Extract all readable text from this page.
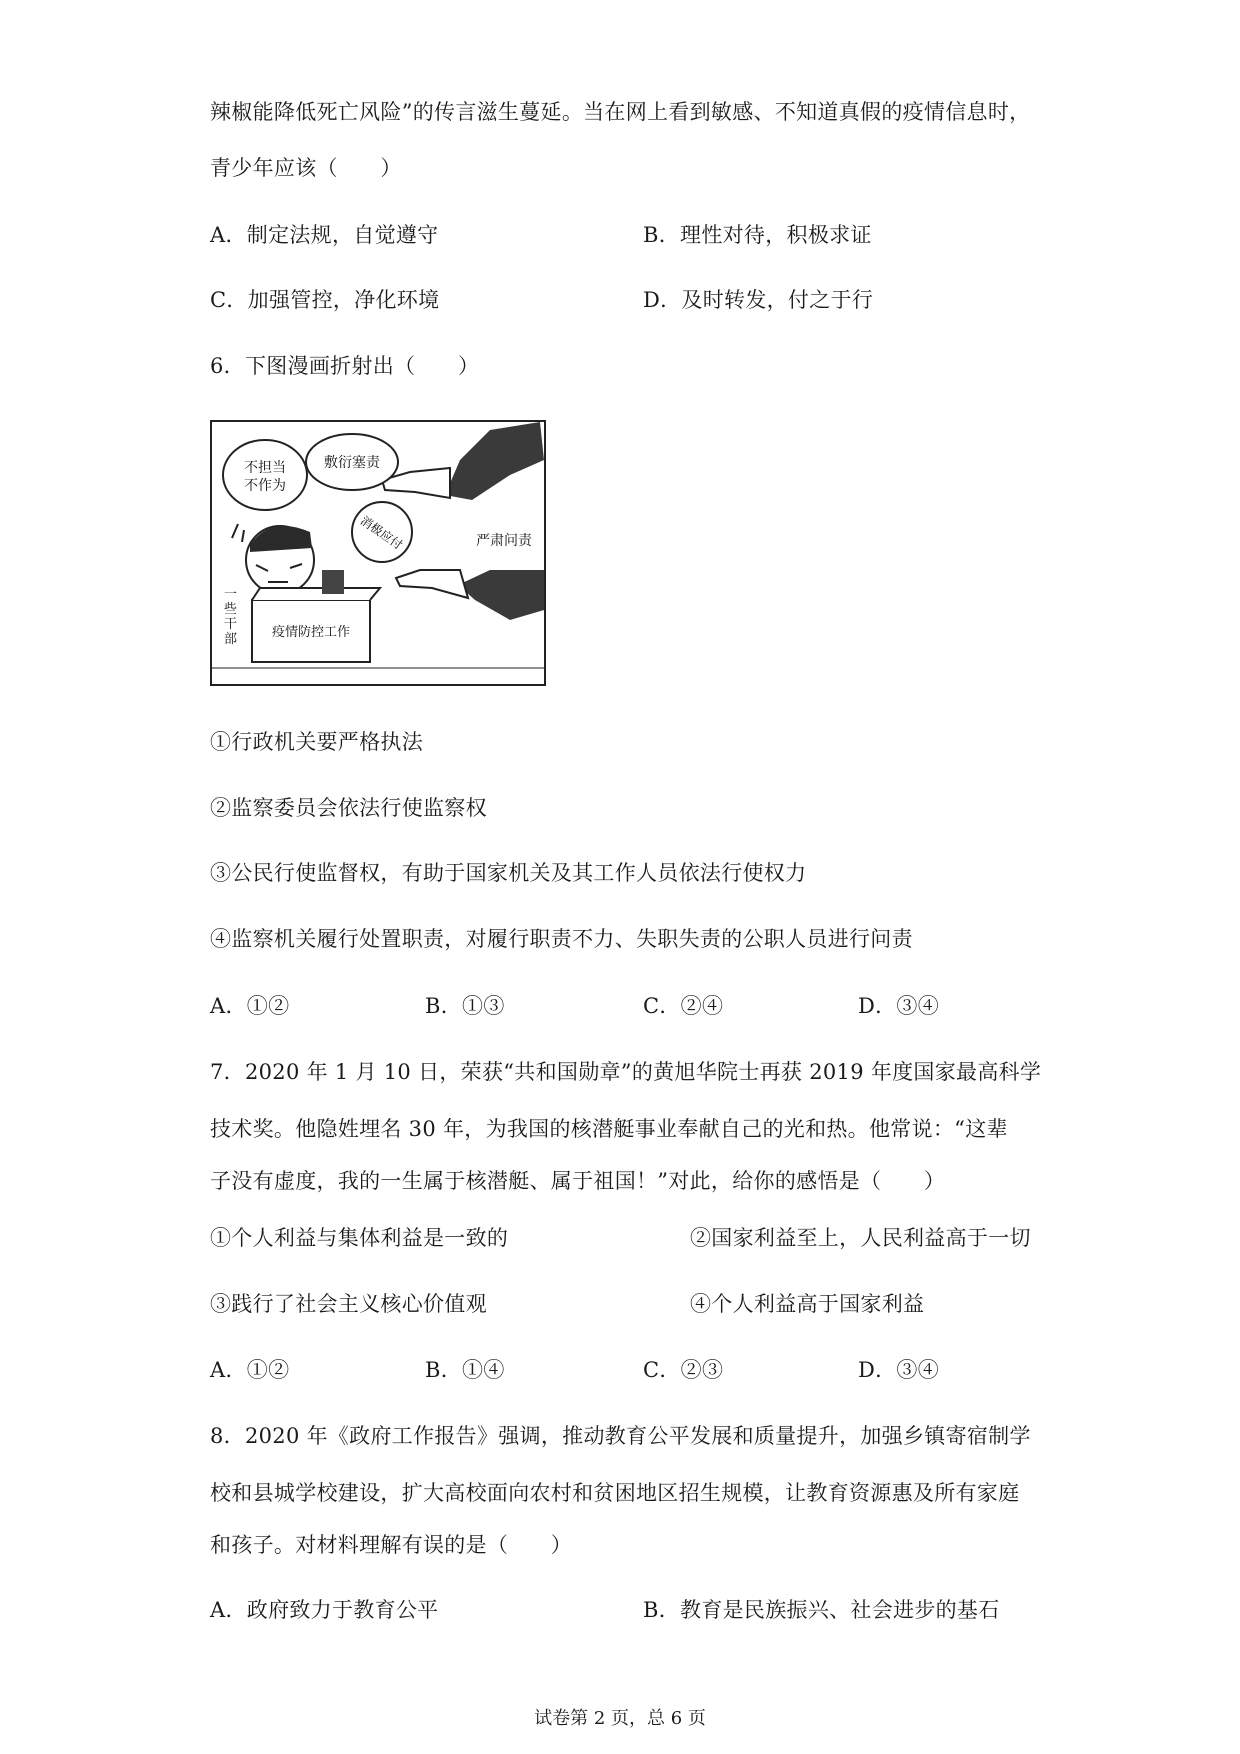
辣椒能降低死亡风险”的传言滋生蔓延。当在网上看到敏感、不知道真假的疫情信息时，
青少年应该（　　）
A．制定法规，自觉遵守	B．理性对待，积极求证
C．加强管控，净化环境	D．及时转发，付之于行
6．下图漫画折射出（　　）
不担当
不作为
敷衍塞责
消极应付	严肃问责
疫情防控工作
一 些 干 部
①行政机关要严格执法
②监察委员会依法行使监察权
③公民行使监督权，有助于国家机关及其工作人员依法行使权力
④监察机关履行处置职责，对履行职责不力、失职失责的公职人员进行问责
A．①②	B．①③	C．②④	D．③④
7．2020 年 1 月 10 日，荣获“共和国勋章”的黄旭华院士再获 2019 年度国家最高科学
技术奖。他隐姓埋名 30 年，为我国的核潜艇事业奉献自己的光和热。他常说：“这辈
子没有虚度，我的一生属于核潜艇、属于祖国！”对此，给你的感悟是（　　）
①个人利益与集体利益是一致的	②国家利益至上，人民利益高于一切
③践行了社会主义核心价值观	④个人利益高于国家利益
A．①②	B．①④	C．②③	D．③④
8．2020 年《政府工作报告》强调，推动教育公平发展和质量提升，加强乡镇寄宿制学
校和县城学校建设，扩大高校面向农村和贫困地区招生规模，让教育资源惠及所有家庭
和孩子。对材料理解有误的是（　　）
A．政府致力于教育公平	B．教育是民族振兴、社会进步的基石
试卷第 2 页，总 6 页
